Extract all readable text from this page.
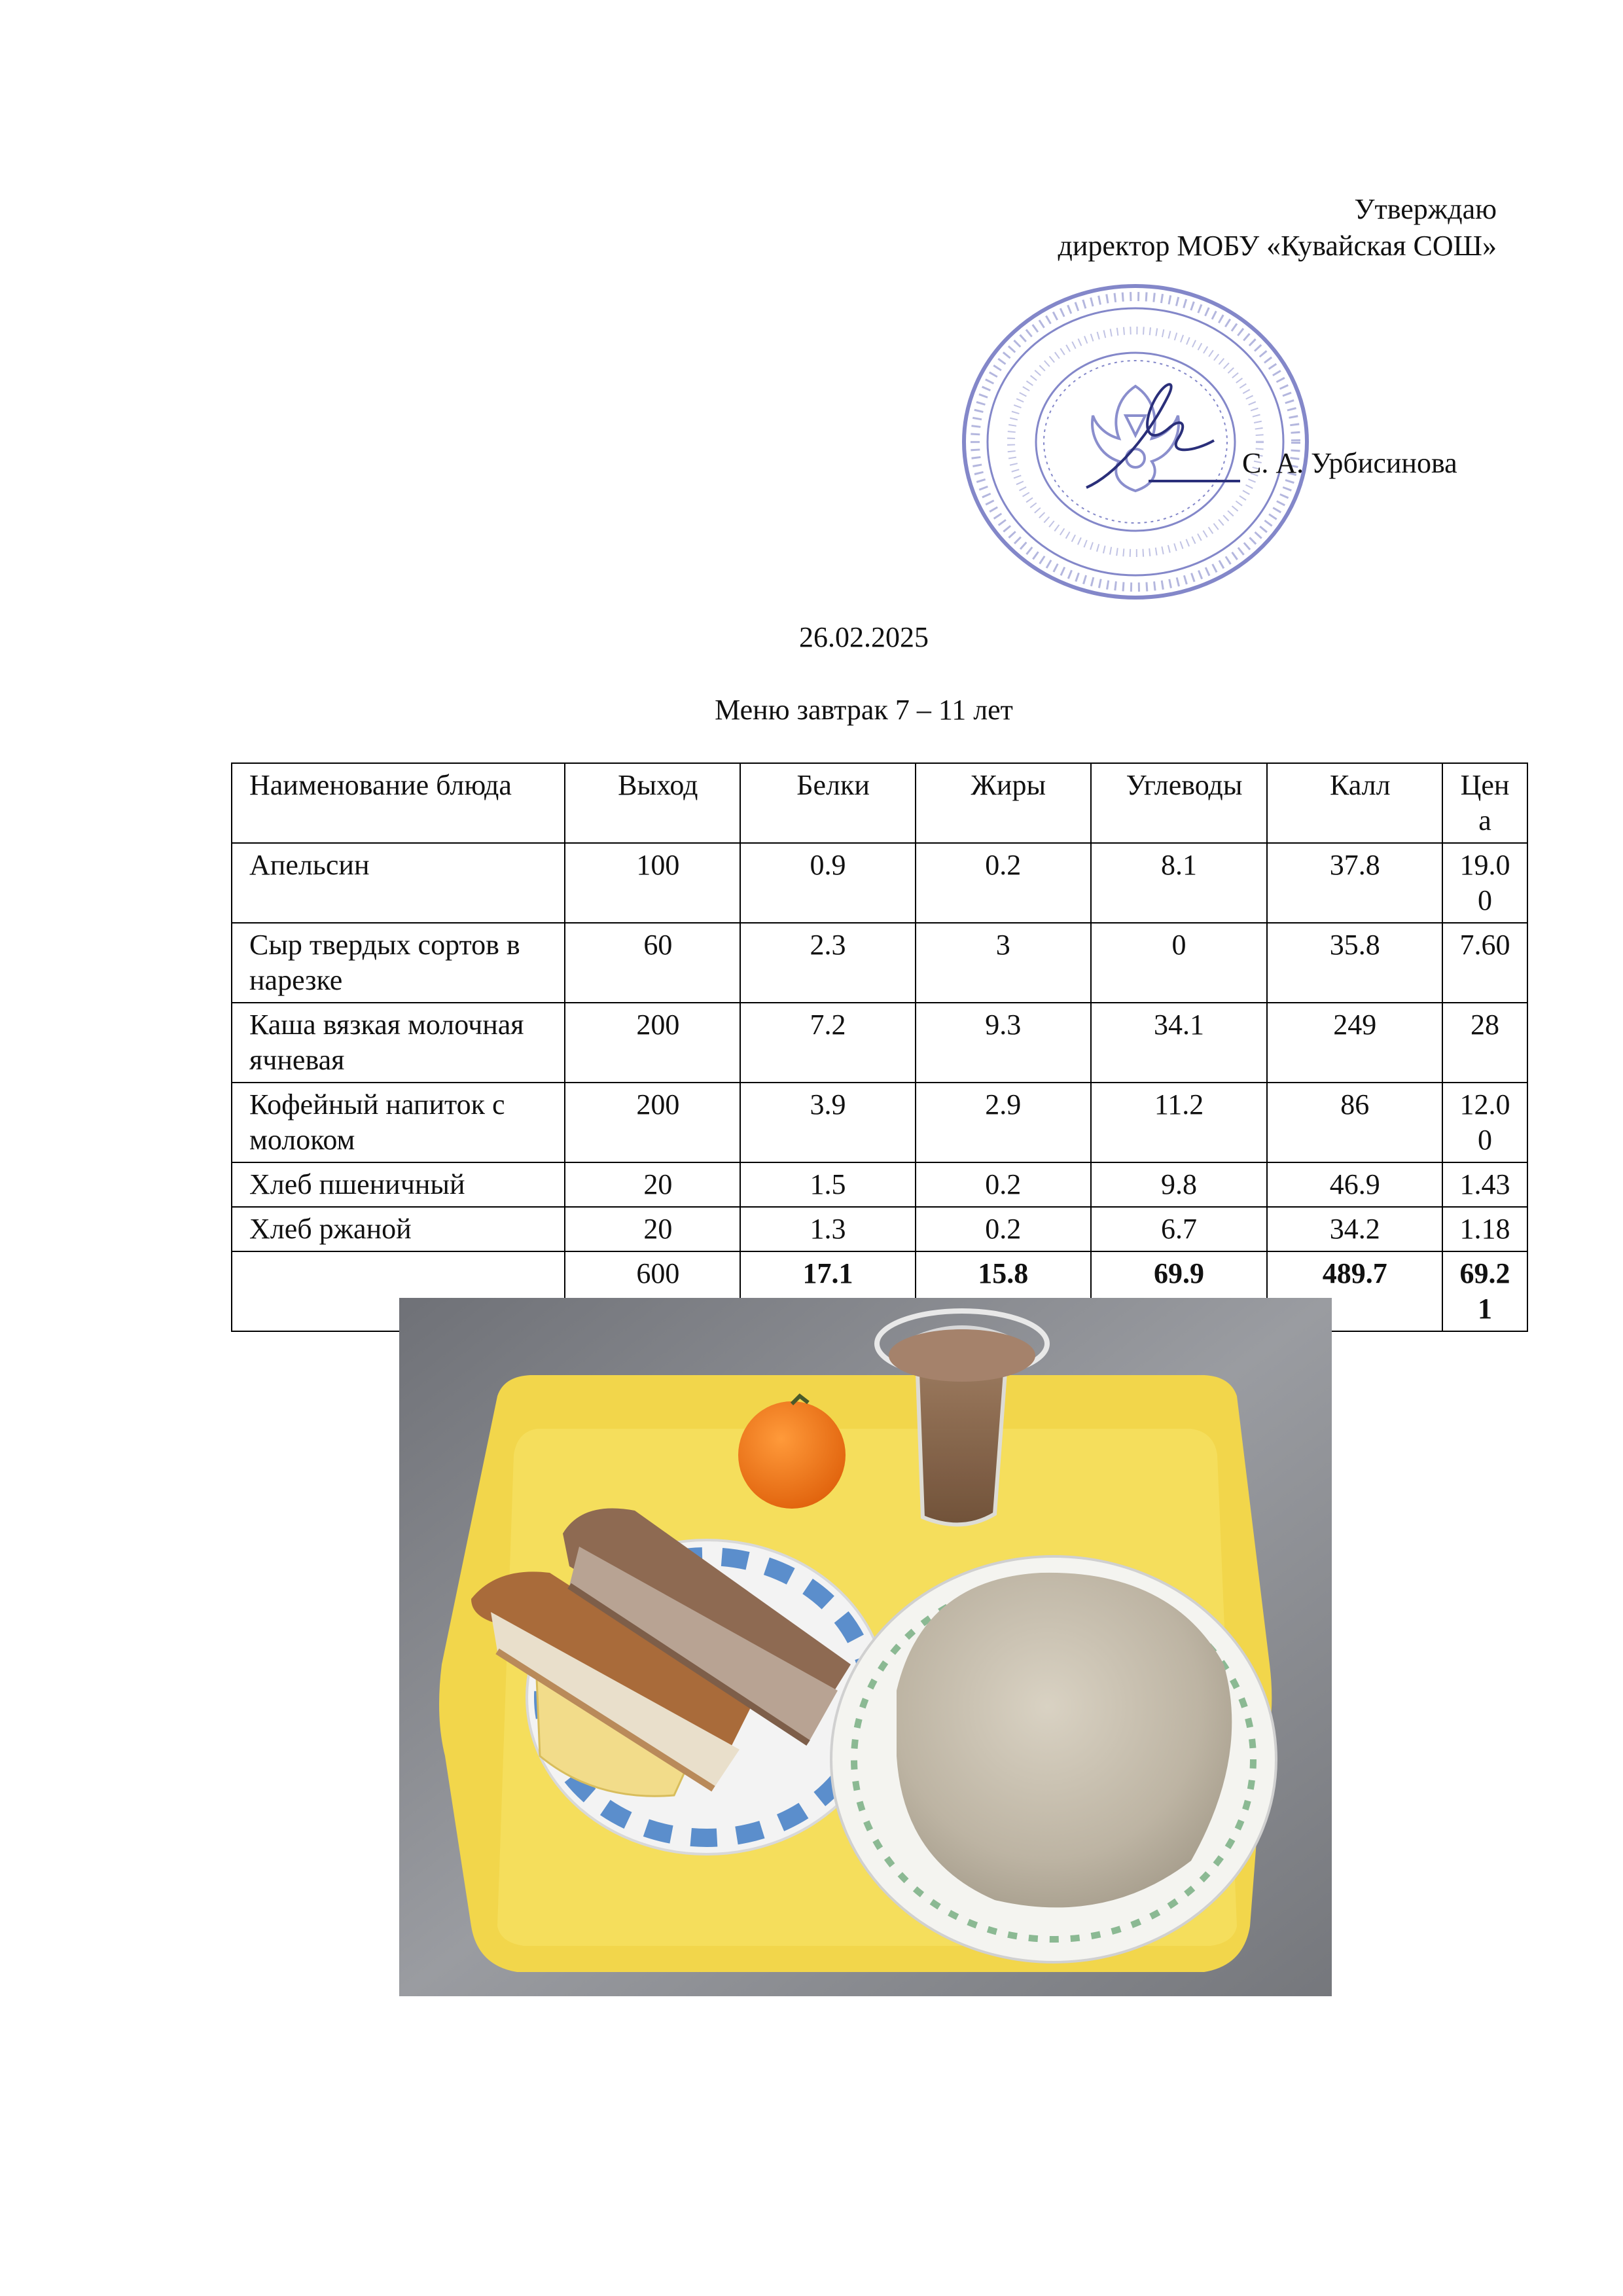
Утверждаю
директор МОБУ «Кувайская СОШ»
С. А. Урбисинова
26.02.2025
Меню завтрак 7 – 11 лет
Наименование блюда	Выход	Белки	Жиры	Углеводы	Калл	Цена
Апельсин	100	0.9	0.2	8.1	37.8	19.00
Сыр твердых сортов в нарезке	60	2.3	3	0	35.8	7.60
Каша вязкая молочная ячневая	200	7.2	9.3	34.1	249	28
Кофейный напиток с молоком	200	3.9	2.9	11.2	86	12.00
Хлеб пшеничный	20	1.5	0.2	9.8	46.9	1.43
Хлеб ржаной	20	1.3	0.2	6.7	34.2	1.18
	600	17.1	15.8	69.9	489.7	69.21
